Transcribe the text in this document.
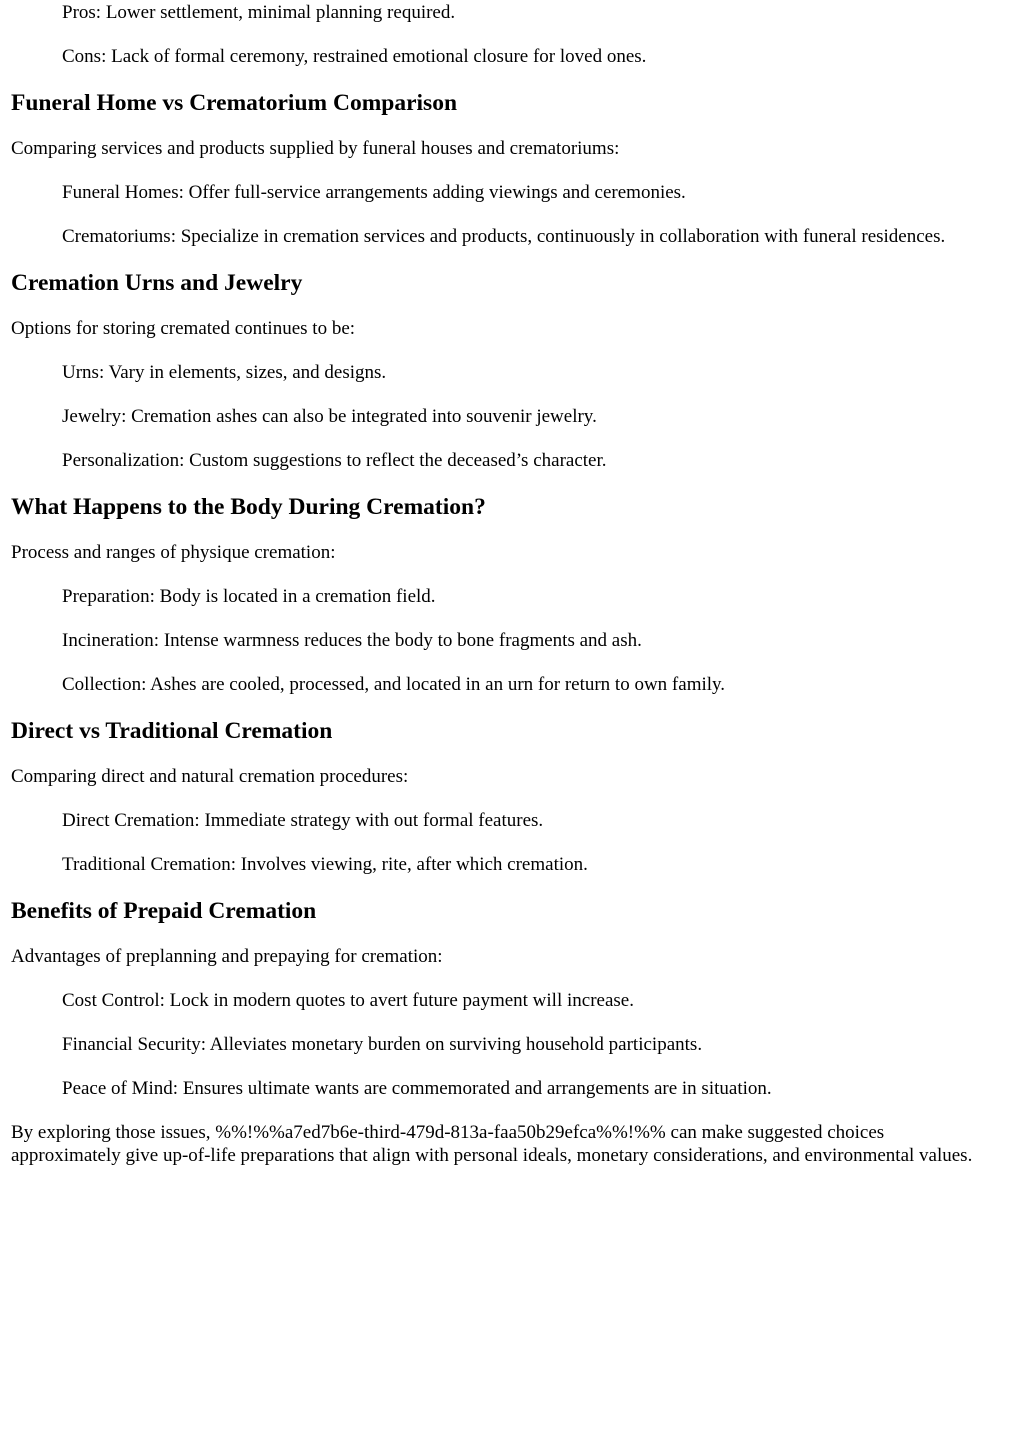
Pros: Lower settlement, minimal planning required.

Cons: Lack of formal ceremony, restrained emotional closure for loved ones.

Funeral Home vs Crematorium Comparison

Comparing services and products supplied by funeral houses and crematoriums:

Funeral Homes: Offer full-service arrangements adding viewings and ceremonies.

Crematoriums: Specialize in cremation services and products, continuously in collaboration with funeral residences.

Cremation Urns and Jewelry

Options for storing cremated continues to be:

Urns: Vary in elements, sizes, and designs.

Jewelry: Cremation ashes can also be integrated into souvenir jewelry.

Personalization: Custom suggestions to reflect the deceased’s character.

What Happens to the Body During Cremation?

Process and ranges of physique cremation:

Preparation: Body is located in a cremation field.

Incineration: Intense warmness reduces the body to bone fragments and ash.

Collection: Ashes are cooled, processed, and located in an urn for return to own family.

Direct vs Traditional Cremation

Comparing direct and natural cremation procedures:

Direct Cremation: Immediate strategy with out formal features.

Traditional Cremation: Involves viewing, rite, after which cremation.

Benefits of Prepaid Cremation

Advantages of preplanning and prepaying for cremation:

Cost Control: Lock in modern quotes to avert future payment will increase.

Financial Security: Alleviates monetary burden on surviving household participants.

Peace of Mind: Ensures ultimate wants are commemorated and arrangements are in situation.

By exploring those issues, %%!%%a7ed7b6e-third-479d-813a-faa50b29efca%%!%% can make suggested choices approximately give up-of-life preparations that align with personal ideals, monetary considerations, and environmental values.
